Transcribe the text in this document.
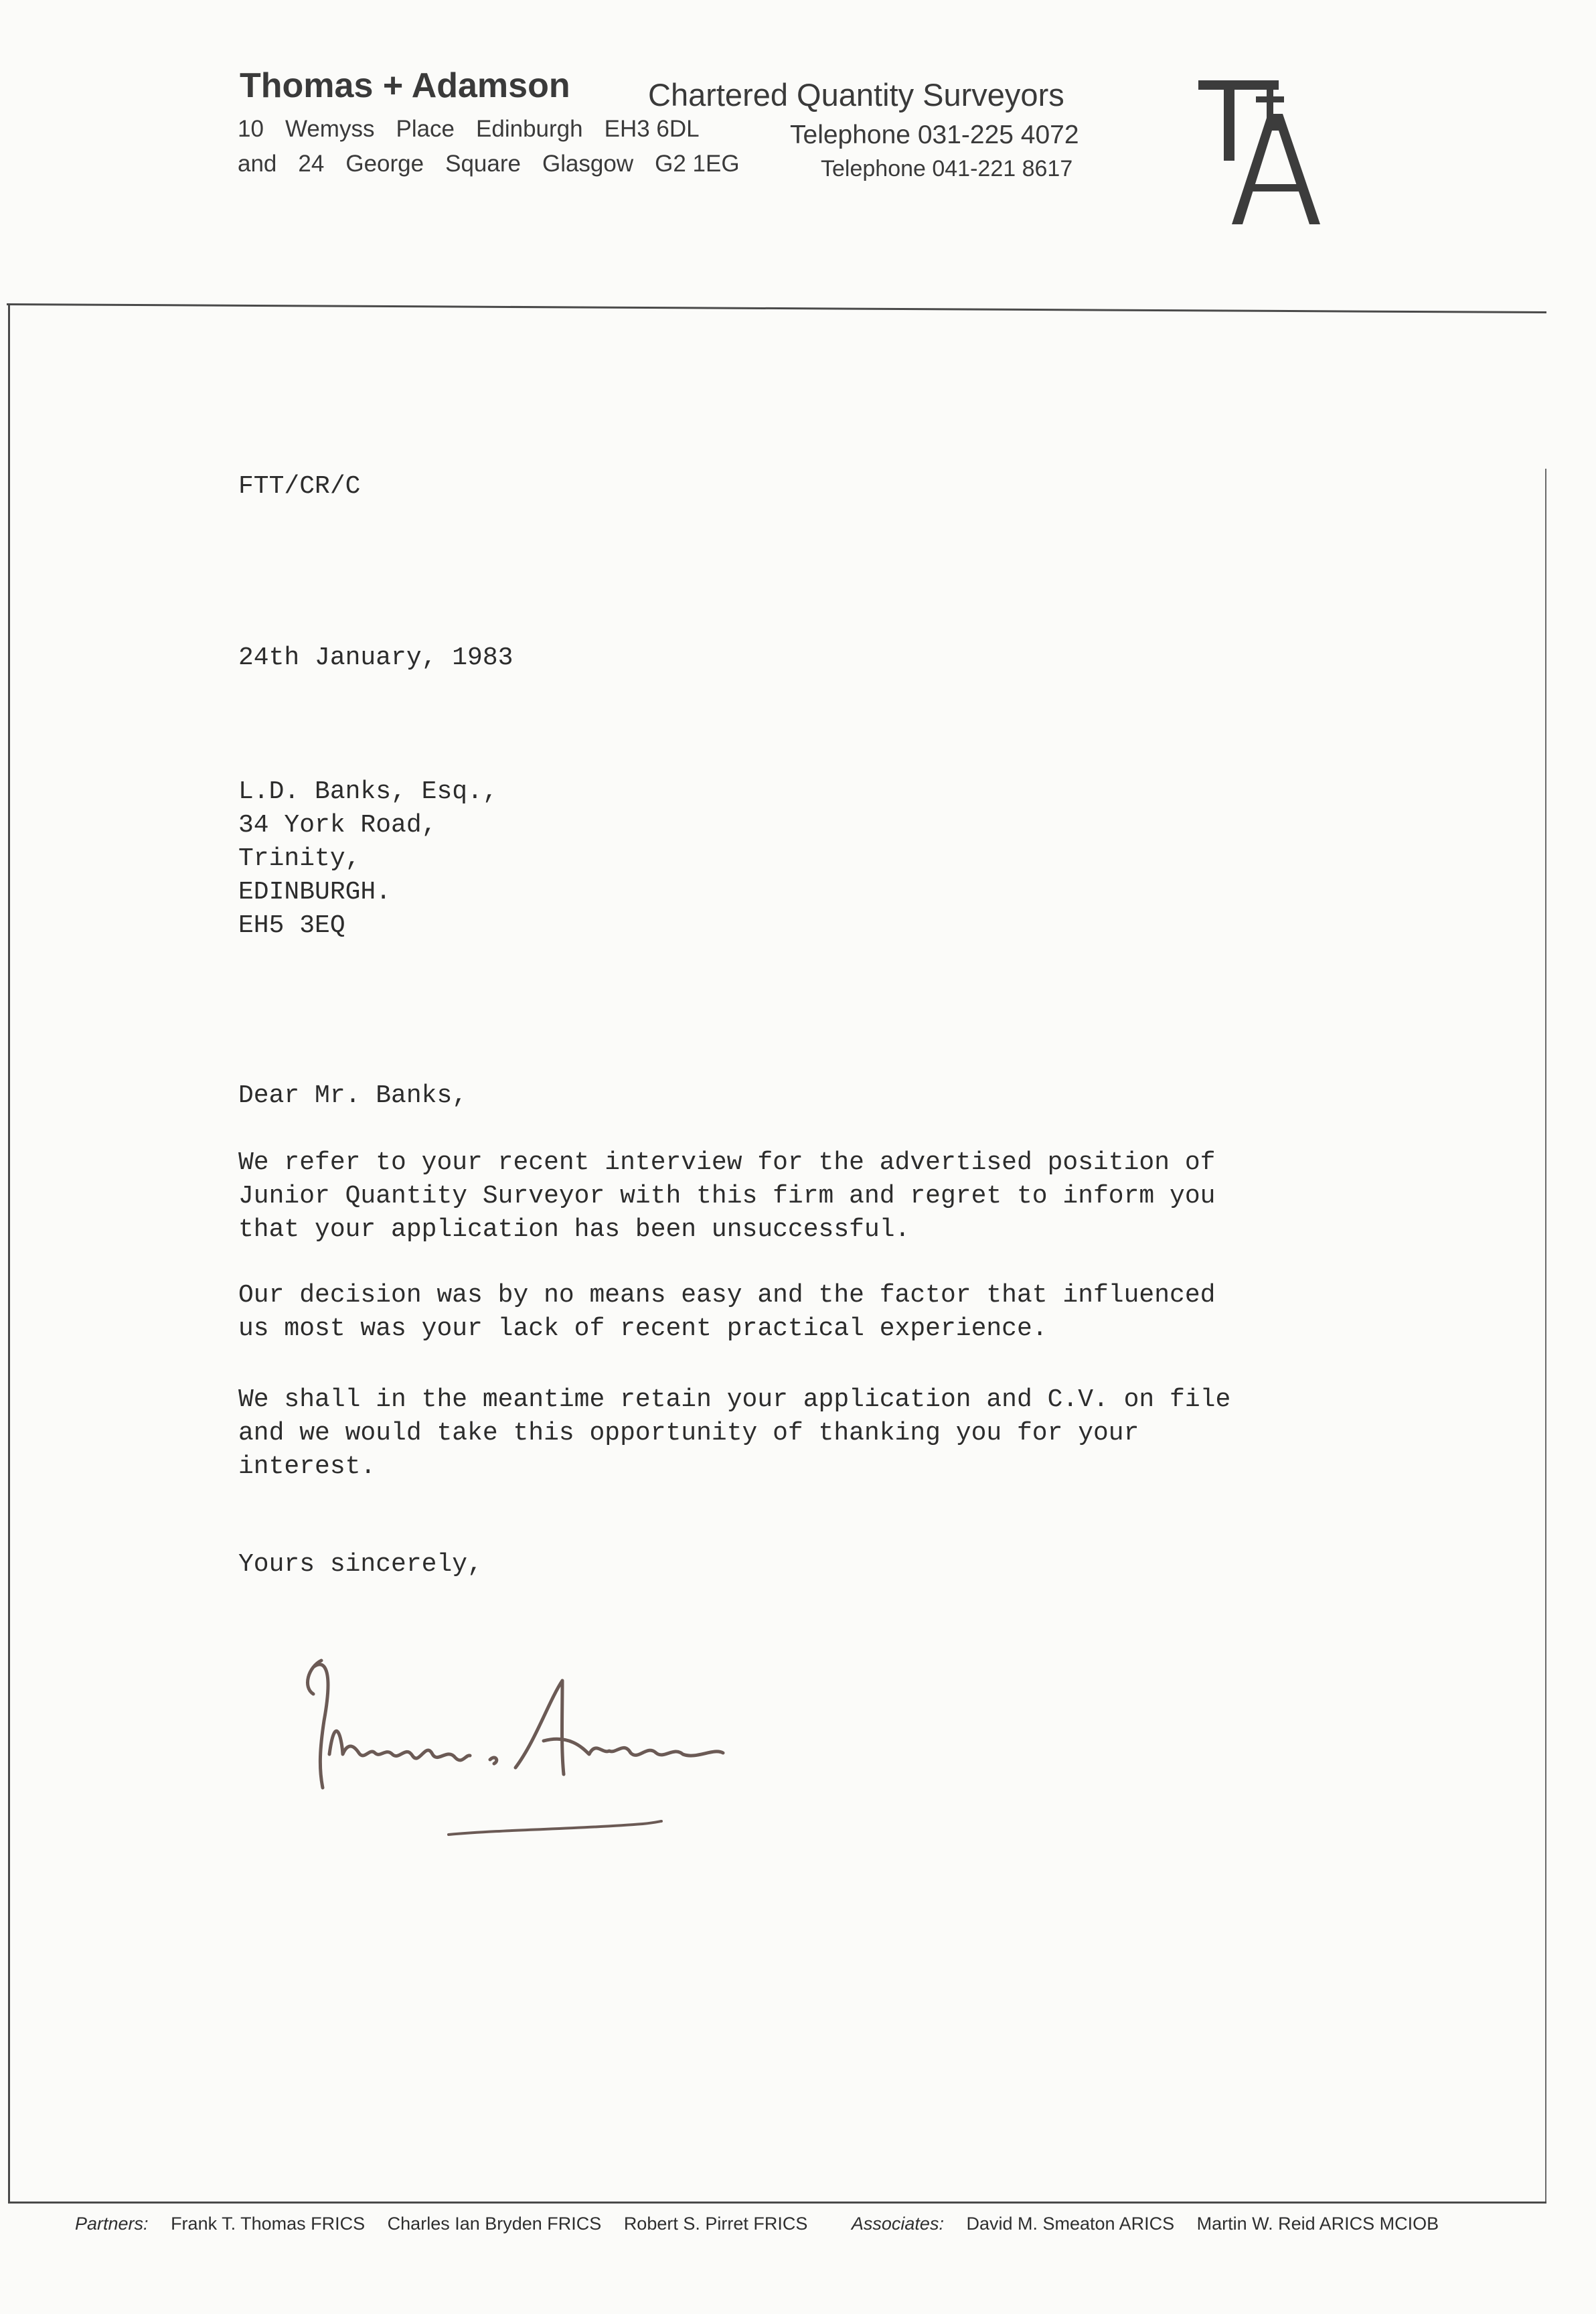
Thomas + Adamson Chartered Quantity Surveyors
10 Wemyss Place Edinburgh EH3 6DL
and 24 George Square Glasgow G2 1EG
Telephone 031-225 4072
Telephone 041-221 8617
FTT/CR/C
24th January, 1983
L.D. Banks, Esq.,
34 York Road,
Trinity,
EDINBURGH.
EH5 3EQ
Dear Mr. Banks,
We refer to your recent interview for the advertised position of
Junior Quantity Surveyor with this firm and regret to inform you
that your application has been unsuccessful.
Our decision was by no means easy and the factor that influenced
us most was your lack of recent practical experience.
We shall in the meantime retain your application and C.V. on file
and we would take this opportunity of thanking you for your
interest.
Yours sincerely,
Partners: Frank T. Thomas FRICS Charles Ian Bryden FRICS Robert S. Pirret FRICS Associates: David M. Smeaton ARICS Martin W. Reid ARICS MCIOB
